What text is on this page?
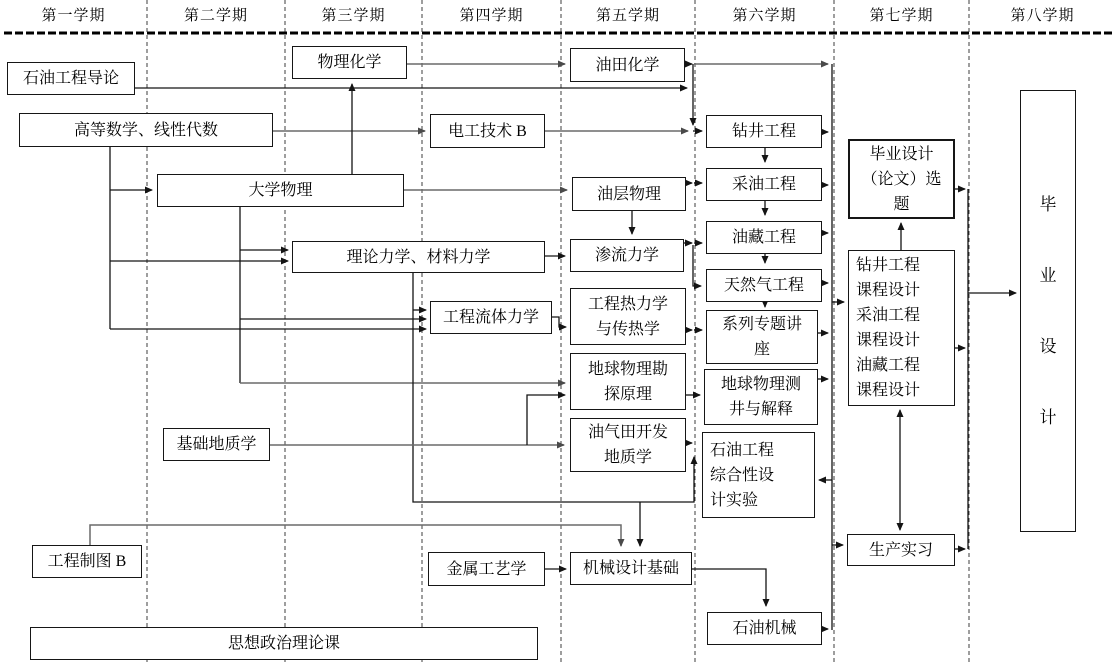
第一学期	第二学期	第三学期	第四学期	第五学期	第六学期	第七学期	第八学期
石油工程导论
高等数学、线性代数
物理化学
电工技术 B
大学物理
理论力学、材料力学
工程流体力学
基础地质学
工程制图 B	金属工艺学
思想政治理论课
油田化学
油层物理
渗流力学
工程热力学
与传热学
地球物理勘
探原理
油气田开发
地质学
机械设计基础
钻井工程
采油工程
油藏工程
天然气工程
系列专题讲
座
地球物理测
井与解释
石油工程
综合性设
计实验
石油机械
毕业设计
（论文）选
题
钻井工程
课程设计
采油工程
课程设计
油藏工程
课程设计
生产实习
毕
业
设
计
